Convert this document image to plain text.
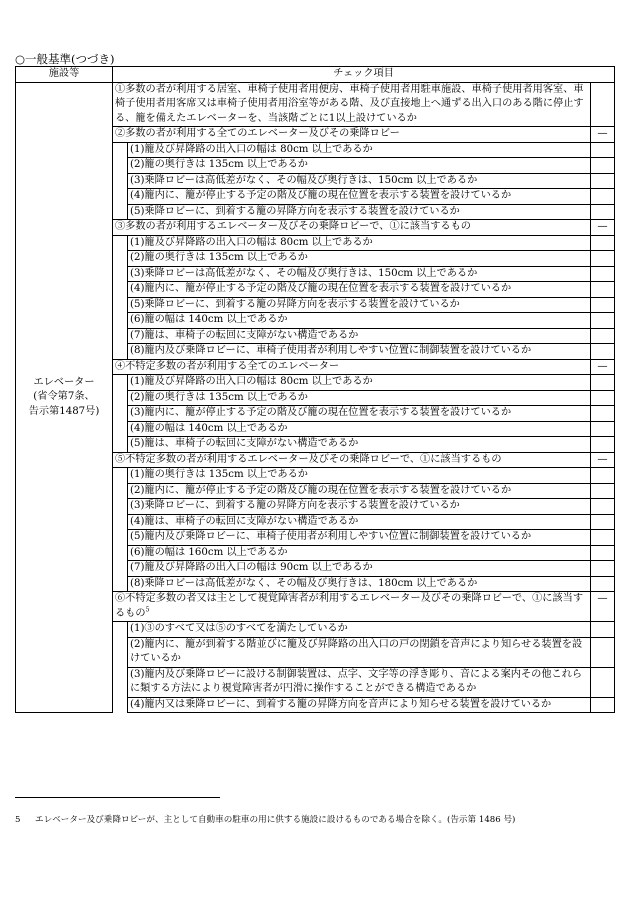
○一般基準(つづき)
施設等	チェック項目		

エレベーター
(省令第7条、
告示第1487号)	①多数の者が利用する居室、車椅子使用者用便房、車椅子使用者用駐車施設、車椅子使用者用客室、車椅子使用者用客席又は車椅子使用者用浴室等がある階、及び直接地上へ通ずる出入口のある階に停止する、籠を備えたエレベーターを、当該階ごとに1以上設けているか		
	②多数の者が利用する全てのエレベーター及びその乗降ロビー		—
		(1)籠及び昇降路の出入口の幅は 80cm 以上であるか	
		(2)籠の奥行きは 135cm 以上であるか	
		(3)乗降ロビーは高低差がなく、その幅及び奥行きは、150cm 以上であるか	
		(4)籠内に、籠が停止する予定の階及び籠の現在位置を表示する装置を設けているか	
		(5)乗降ロビーに、到着する籠の昇降方向を表示する装置を設けているか	
	③多数の者が利用するエレベーター及びその乗降ロビーで、①に該当するもの		—
		(1)籠及び昇降路の出入口の幅は 80cm 以上であるか	
		(2)籠の奥行きは 135cm 以上であるか	
		(3)乗降ロビーは高低差がなく、その幅及び奥行きは、150cm 以上であるか	
		(4)籠内に、籠が停止する予定の階及び籠の現在位置を表示する装置を設けているか	
		(5)乗降ロビーに、到着する籠の昇降方向を表示する装置を設けているか	
		(6)籠の幅は 140cm 以上であるか	
		(7)籠は、車椅子の転回に支障がない構造であるか	
		(8)籠内及び乗降ロビーに、車椅子使用者が利用しやすい位置に制御装置を設けているか	
	④不特定多数の者が利用する全てのエレベーター		—
		(1)籠及び昇降路の出入口の幅は 80cm 以上であるか	
		(2)籠の奥行きは 135cm 以上であるか	
		(3)籠内に、籠が停止する予定の階及び籠の現在位置を表示する装置を設けているか	
		(4)籠の幅は 140cm 以上であるか	
		(5)籠は、車椅子の転回に支障がない構造であるか	
	⑤不特定多数の者が利用するエレベーター及びその乗降ロビーで、①に該当するもの		—
		(1)籠の奥行きは 135cm 以上であるか	
		(2)籠内に、籠が停止する予定の階及び籠の現在位置を表示する装置を設けているか	
		(3)乗降ロビーに、到着する籠の昇降方向を表示する装置を設けているか	
		(4)籠は、車椅子の転回に支障がない構造であるか	
		(5)籠内及び乗降ロビーに、車椅子使用者が利用しやすい位置に制御装置を設けているか	
		(6)籠の幅は 160cm 以上であるか	
		(7)籠及び昇降路の出入口の幅は 90cm 以上であるか	
		(8)乗降ロビーは高低差がなく、その幅及び奥行きは、180cm 以上であるか	
	⑥不特定多数の者又は主として視覚障害者が利用するエレベーター及びその乗降ロビーで、①に該当するもの$^5$		—
		(1)③のすべて又は⑤のすべてを満たしているか	
		(2)籠内に、籠が到着する階並びに籠及び昇降路の出入口の戸の閉鎖を音声により知らせる装置を設けているか	
		(3)籠内及び乗降ロビーに設ける制御装置は、点字、文字等の浮き彫り、音による案内その他これらに類する方法により視覚障害者が円滑に操作することができる構造であるか	
		(4)籠内又は乗降ロビーに、到着する籠の昇降方向を音声により知らせる装置を設けているか	
5 エレベーター及び乗降ロビーが、主として自動車の駐車の用に供する施設に設けるものである場合を除く。(告示第 1486 号)
